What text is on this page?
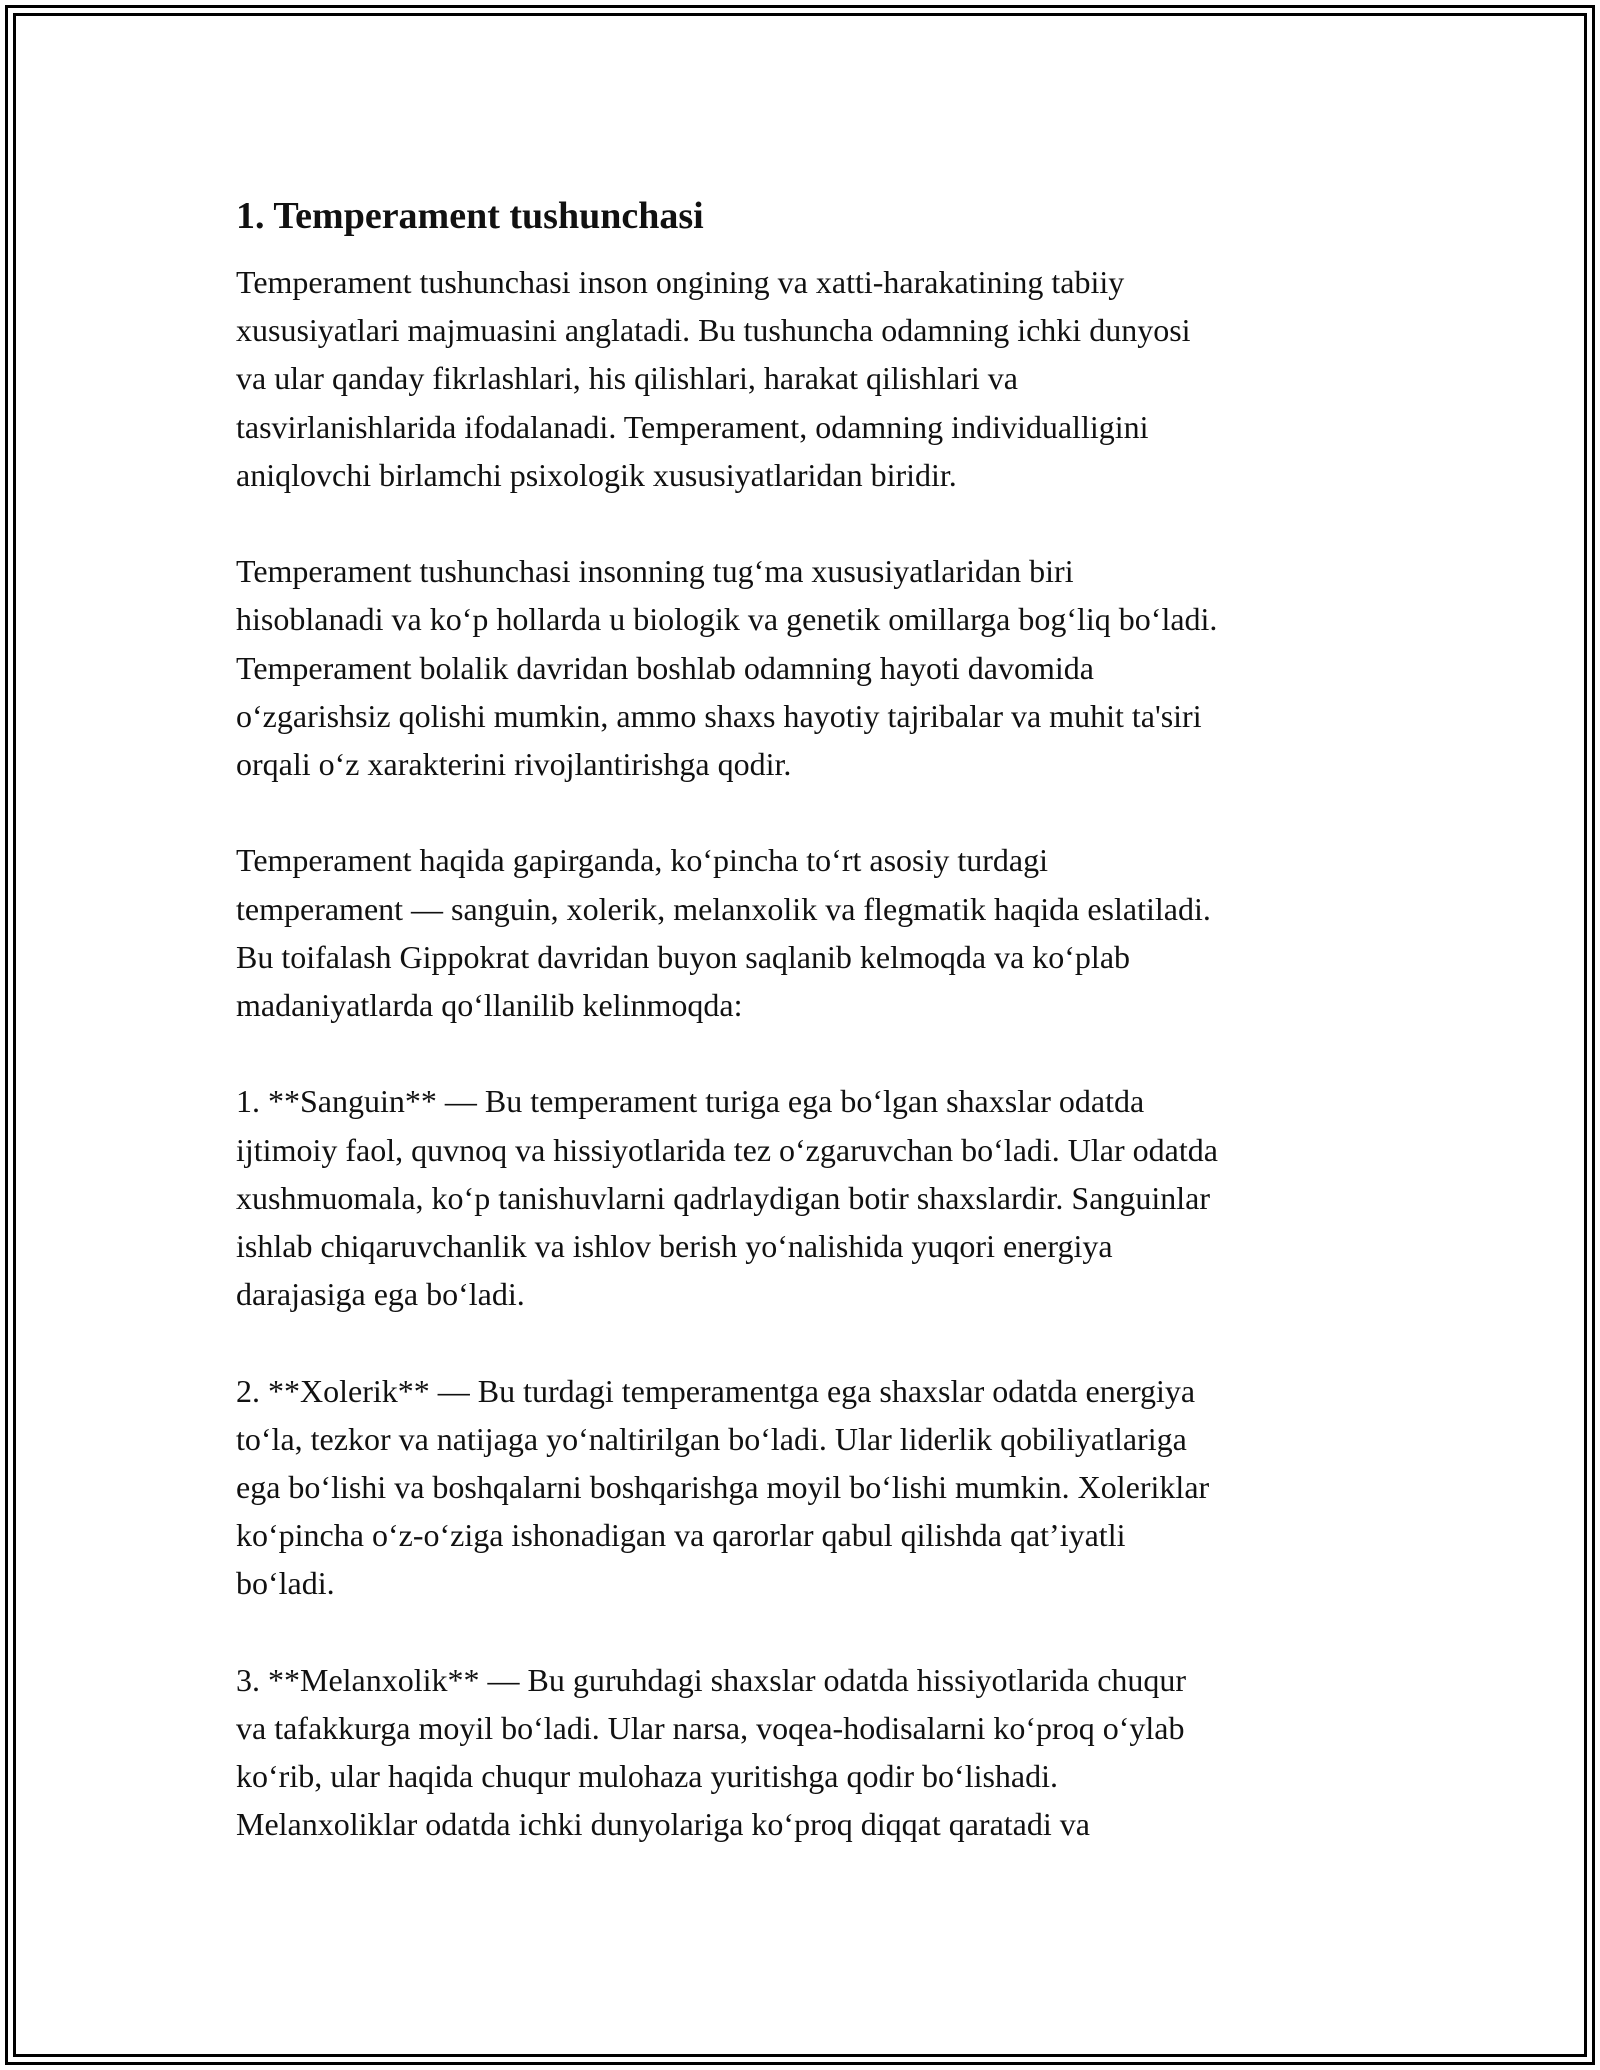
1. Temperament tushunchasi
Temperament tushunchasi inson ongining va xatti-harakatining tabiiy
xususiyatlari majmuasini anglatadi. Bu tushuncha odamning ichki dunyosi
va ular qanday fikrlashlari, his qilishlari, harakat qilishlari va
tasvirlanishlarida ifodalanadi. Temperament, odamning individualligini
aniqlovchi birlamchi psixologik xususiyatlaridan biridir.
Temperament tushunchasi insonning tug‘ma xususiyatlaridan biri
hisoblanadi va ko‘p hollarda u biologik va genetik omillarga bog‘liq bo‘ladi.
Temperament bolalik davridan boshlab odamning hayoti davomida
o‘zgarishsiz qolishi mumkin, ammo shaxs hayotiy tajribalar va muhit ta'siri
orqali o‘z xarakterini rivojlantirishga qodir.
Temperament haqida gapirganda, ko‘pincha to‘rt asosiy turdagi
temperament — sanguin, xolerik, melanxolik va flegmatik haqida eslatiladi.
Bu toifalash Gippokrat davridan buyon saqlanib kelmoqda va ko‘plab
madaniyatlarda qo‘llanilib kelinmoqda:
1. **Sanguin** — Bu temperament turiga ega bo‘lgan shaxslar odatda
ijtimoiy faol, quvnoq va hissiyotlarida tez o‘zgaruvchan bo‘ladi. Ular odatda
xushmuomala, ko‘p tanishuvlarni qadrlaydigan botir shaxslardir. Sanguinlar
ishlab chiqaruvchanlik va ishlov berish yo‘nalishida yuqori energiya
darajasiga ega bo‘ladi.
2. **Xolerik** — Bu turdagi temperamentga ega shaxslar odatda energiya
to‘la, tezkor va natijaga yo‘naltirilgan bo‘ladi. Ular liderlik qobiliyatlariga
ega bo‘lishi va boshqalarni boshqarishga moyil bo‘lishi mumkin. Xoleriklar
ko‘pincha o‘z-o‘ziga ishonadigan va qarorlar qabul qilishda qat’iyatli
bo‘ladi.
3. **Melanxolik** — Bu guruhdagi shaxslar odatda hissiyotlarida chuqur
va tafakkurga moyil bo‘ladi. Ular narsa, voqea-hodisalarni ko‘proq o‘ylab
ko‘rib, ular haqida chuqur mulohaza yuritishga qodir bo‘lishadi.
Melanxoliklar odatda ichki dunyolariga ko‘proq diqqat qaratadi va
